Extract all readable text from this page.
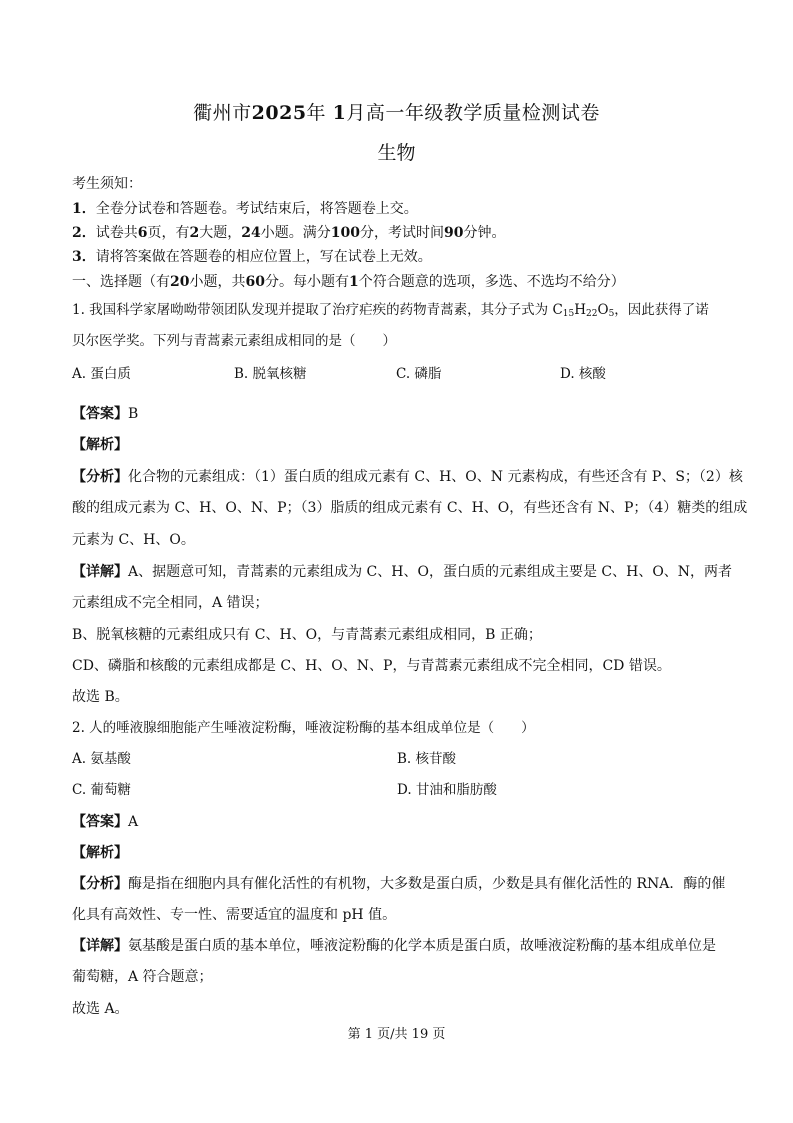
衢州市2025年 1月高一年级教学质量检测试卷
生物
考生须知：
1．全卷分试卷和答题卷。考试结束后，将答题卷上交。
2．试卷共6页，有2大题，24小题。满分100分，考试时间90分钟。
3．请将答案做在答题卷的相应位置上，写在试卷上无效。
一、选择题（有20小题，共60分。每小题有1个符合题意的选项，多选、不选均不给分）
1. 我国科学家屠呦呦带领团队发现并提取了治疗疟疾的药物青蒿素，其分子式为 $C_{15}H_{22}O_5$，因此获得了诺
贝尔医学奖。下列与青蒿素元素组成相同的是（　　）
A. 蛋白质	B. 脱氧核糖	C. 磷脂	D. 核酸
【答案】B
【解析】
【分析】化合物的元素组成：（1）蛋白质的组成元素有 C、H、O、N 元素构成，有些还含有 P、S；（2）核
酸的组成元素为 C、H、O、N、P；（3）脂质的组成元素有 C、H、O，有些还含有 N、P；（4）糖类的组成
元素为 C、H、O。
【详解】A、据题意可知，青蒿素的元素组成为 C、H、O，蛋白质的元素组成主要是 C、H、O、N，两者
元素组成不完全相同，A 错误；
B、脱氧核糖的元素组成只有 C、H、O，与青蒿素元素组成相同，B 正确；
CD、磷脂和核酸的元素组成都是 C、H、O、N、P，与青蒿素元素组成不完全相同，CD 错误。
故选 B。
2. 人的唾液腺细胞能产生唾液淀粉酶，唾液淀粉酶的基本组成单位是（　　）
A. 氨基酸	B. 核苷酸
C. 葡萄糖	D. 甘油和脂肪酸
【答案】A
【解析】
【分析】酶是指在细胞内具有催化活性的有机物，大多数是蛋白质，少数是具有催化活性的 RNA．酶的催
化具有高效性、专一性、需要适宜的温度和 pH 值。
【详解】氨基酸是蛋白质的基本单位，唾液淀粉酶的化学本质是蛋白质，故唾液淀粉酶的基本组成单位是
葡萄糖，A 符合题意；
故选 A。
第 1 页/共 19 页
